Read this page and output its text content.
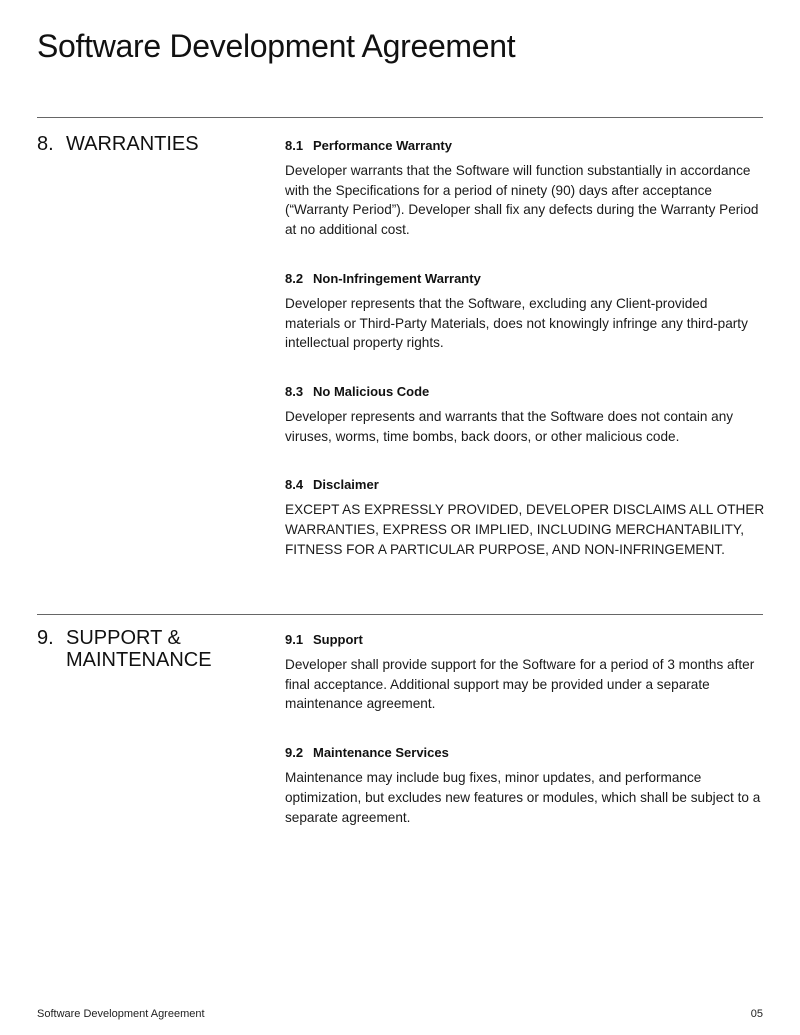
Software Development Agreement
8. WARRANTIES	8.1 Performance Warranty

Developer warrants that the Software will function substantially in accordance with the Specifications for a period of ninety (90) days after acceptance (“Warranty Period”). Developer shall fix any defects during the Warranty Period at no additional cost.

8.2 Non-Infringement Warranty

Developer represents that the Software, excluding any Client-provided materials or Third-Party Materials, does not knowingly infringe any third-party intellectual property rights.

8.3 No Malicious Code

Developer represents and warrants that the Software does not contain any viruses, worms, time bombs, back doors, or other malicious code.

8.4 Disclaimer

EXCEPT AS EXPRESSLY PROVIDED, DEVELOPER DISCLAIMS ALL OTHER WARRANTIES, EXPRESS OR IMPLIED, INCLUDING MERCHANTABILITY, FITNESS FOR A PARTICULAR PURPOSE, AND NON-INFRINGEMENT.

9. SUPPORT & MAINTENANCE
9.1 Support

Developer shall provide support for the Software for a period of 3 months after final acceptance. Additional support may be provided under a separate maintenance agreement.

9.2 Maintenance Services

Maintenance may include bug fixes, minor updates, and performance optimization, but excludes new features or modules, which shall be subject to a separate agreement.

Software Development Agreement	05
